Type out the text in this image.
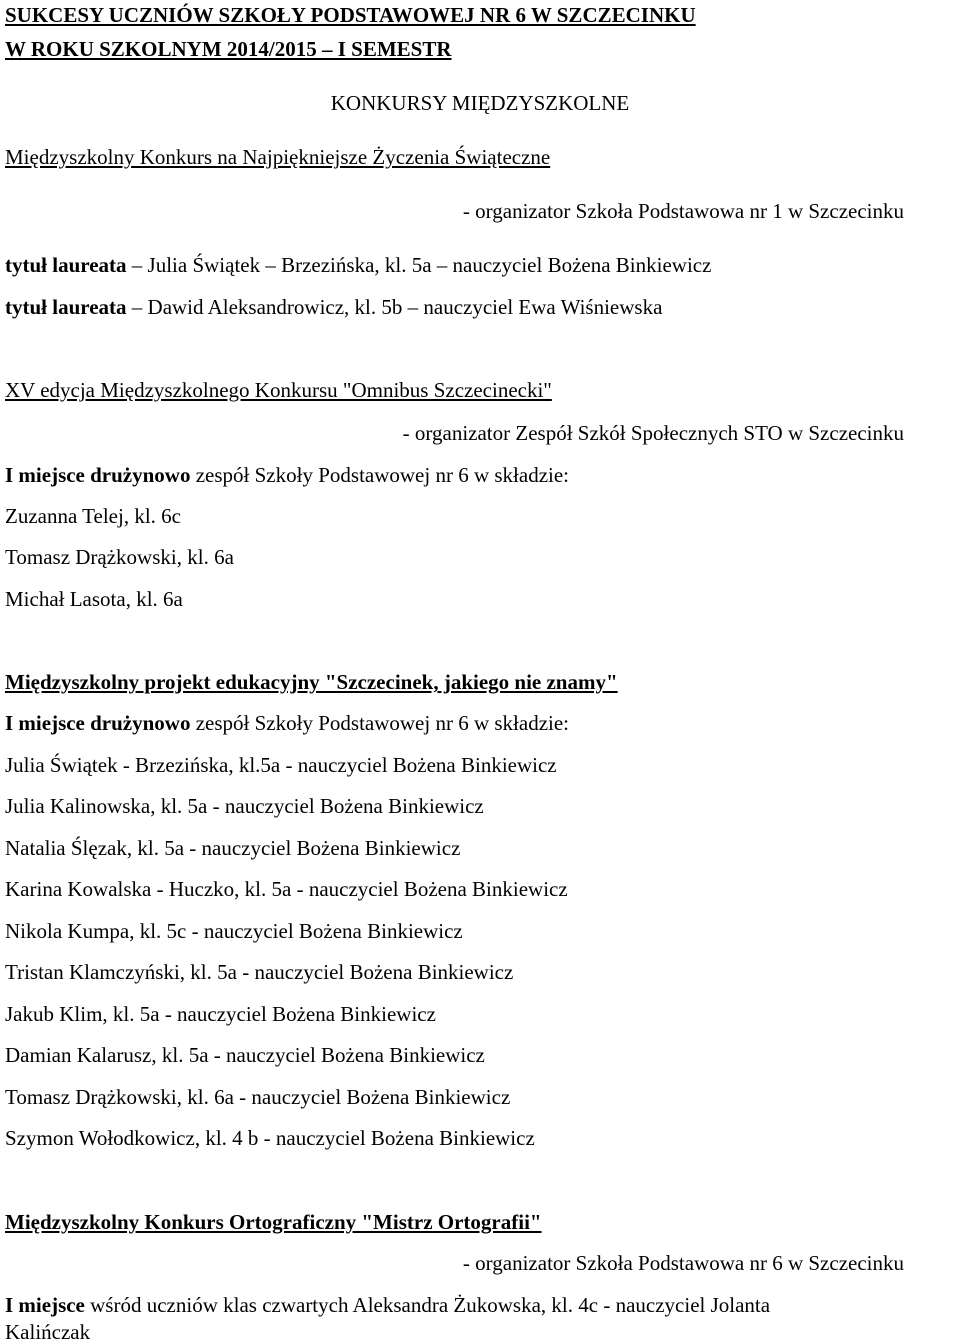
SUKCESY UCZNIÓW SZKOŁY PODSTAWOWEJ NR 6 W SZCZECINKU
W ROKU SZKOLNYM 2014/2015 – I SEMESTR
KONKURSY MIĘDZYSZKOLNE
Międzyszkolny Konkurs na Najpiękniejsze Życzenia Świąteczne
- organizator Szkoła Podstawowa nr 1 w Szczecinku
tytuł laureata – Julia Świątek – Brzezińska, kl. 5a – nauczyciel Bożena Binkiewicz
tytuł laureata – Dawid Aleksandrowicz, kl. 5b – nauczyciel Ewa Wiśniewska
XV edycja Międzyszkolnego Konkursu "Omnibus Szczecinecki"
- organizator Zespół Szkół Społecznych STO w Szczecinku
I miejsce drużynowo zespół Szkoły Podstawowej nr 6 w składzie:
Zuzanna Telej, kl. 6c
Tomasz Drążkowski, kl. 6a
Michał Lasota, kl. 6a
Międzyszkolny projekt edukacyjny "Szczecinek, jakiego nie znamy"
I miejsce drużynowo zespół Szkoły Podstawowej nr 6 w składzie:
Julia Świątek - Brzezińska, kl.5a - nauczyciel Bożena Binkiewicz
Julia Kalinowska, kl. 5a - nauczyciel Bożena Binkiewicz
Natalia Ślęzak, kl. 5a - nauczyciel Bożena Binkiewicz
Karina Kowalska - Huczko, kl. 5a - nauczyciel Bożena Binkiewicz
Nikola Kumpa, kl. 5c - nauczyciel Bożena Binkiewicz
Tristan Klamczyński, kl. 5a - nauczyciel Bożena Binkiewicz
Jakub Klim, kl. 5a - nauczyciel Bożena Binkiewicz
Damian Kalarusz, kl. 5a - nauczyciel Bożena Binkiewicz
Tomasz Drążkowski, kl. 6a - nauczyciel Bożena Binkiewicz
Szymon Wołodkowicz, kl. 4 b - nauczyciel Bożena Binkiewicz
Międzyszkolny Konkurs Ortograficzny "Mistrz Ortografii"
- organizator Szkoła Podstawowa nr 6 w Szczecinku
I miejsce wśród uczniów klas czwartych Aleksandra Żukowska, kl. 4c - nauczyciel Jolanta
Kalińczak
